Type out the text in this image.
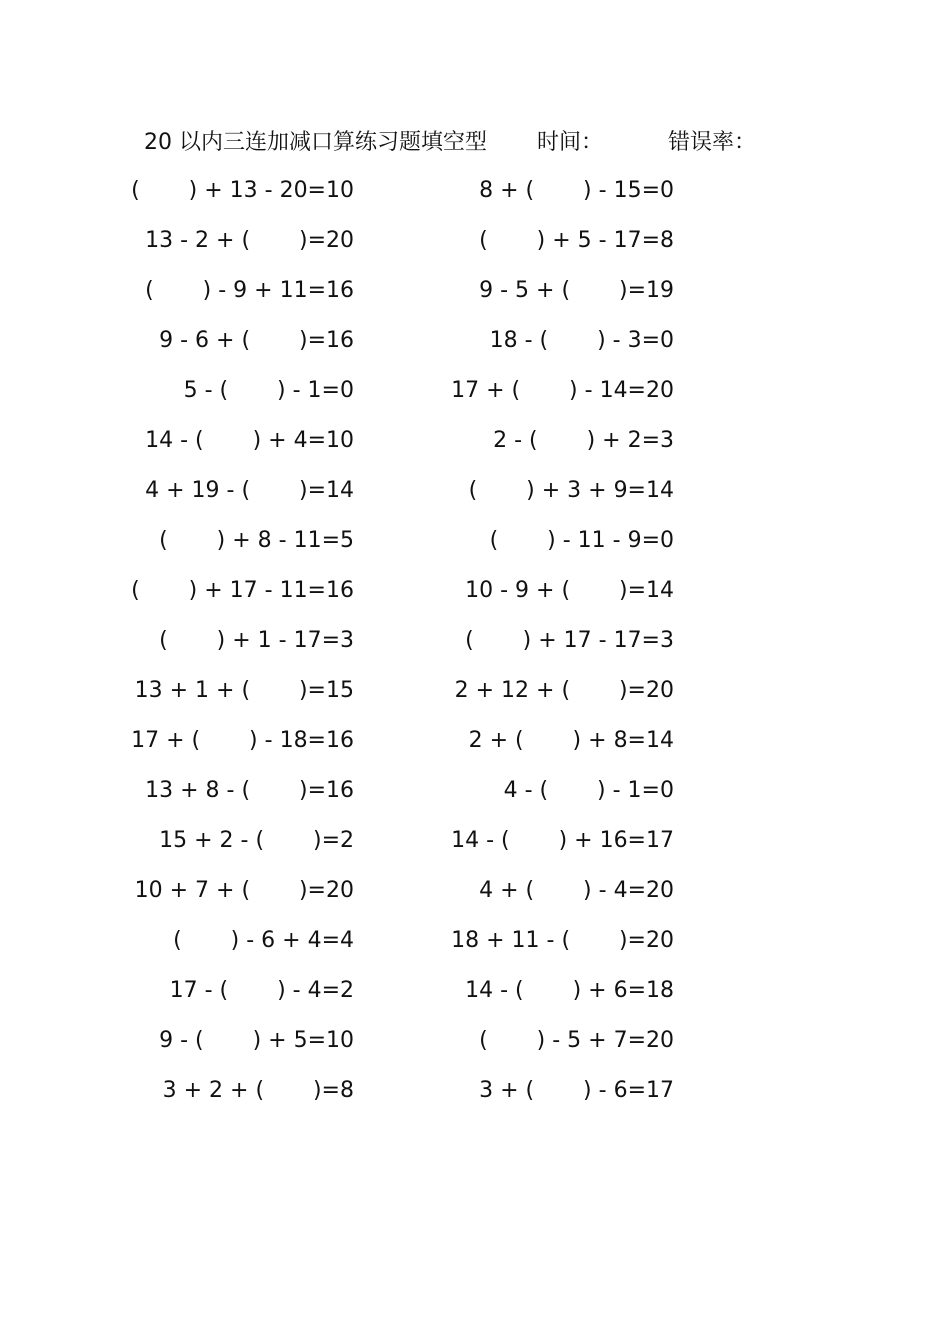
20 以内三连加减口算练习题填空型 时间：	错误率：
(       ) + 13 - 20=10	8 + (       ) - 15=0
13 - 2 + (       )=20	(       ) + 5 - 17=8
(       ) - 9 + 11=16	9 - 5 + (       )=19
9 - 6 + (       )=16	18 - (       ) - 3=0
5 - (       ) - 1=0	17 + (       ) - 14=20
14 - (       ) + 4=10	2 - (       ) + 2=3
4 + 19 - (       )=14	(       ) + 3 + 9=14
(       ) + 8 - 11=5	(       ) - 11 - 9=0
(       ) + 17 - 11=16	10 - 9 + (       )=14
(       ) + 1 - 17=3	(       ) + 17 - 17=3
13 + 1 + (       )=15	2 + 12 + (       )=20
17 + (       ) - 18=16	2 + (       ) + 8=14
13 + 8 - (       )=16	4 - (       ) - 1=0
15 + 2 - (       )=2	14 - (       ) + 16=17
10 + 7 + (       )=20	4 + (       ) - 4=20
(       ) - 6 + 4=4	18 + 11 - (       )=20
17 - (       ) - 4=2	14 - (       ) + 6=18
9 - (       ) + 5=10	(       ) - 5 + 7=20
3 + 2 + (       )=8	3 + (       ) - 6=17
